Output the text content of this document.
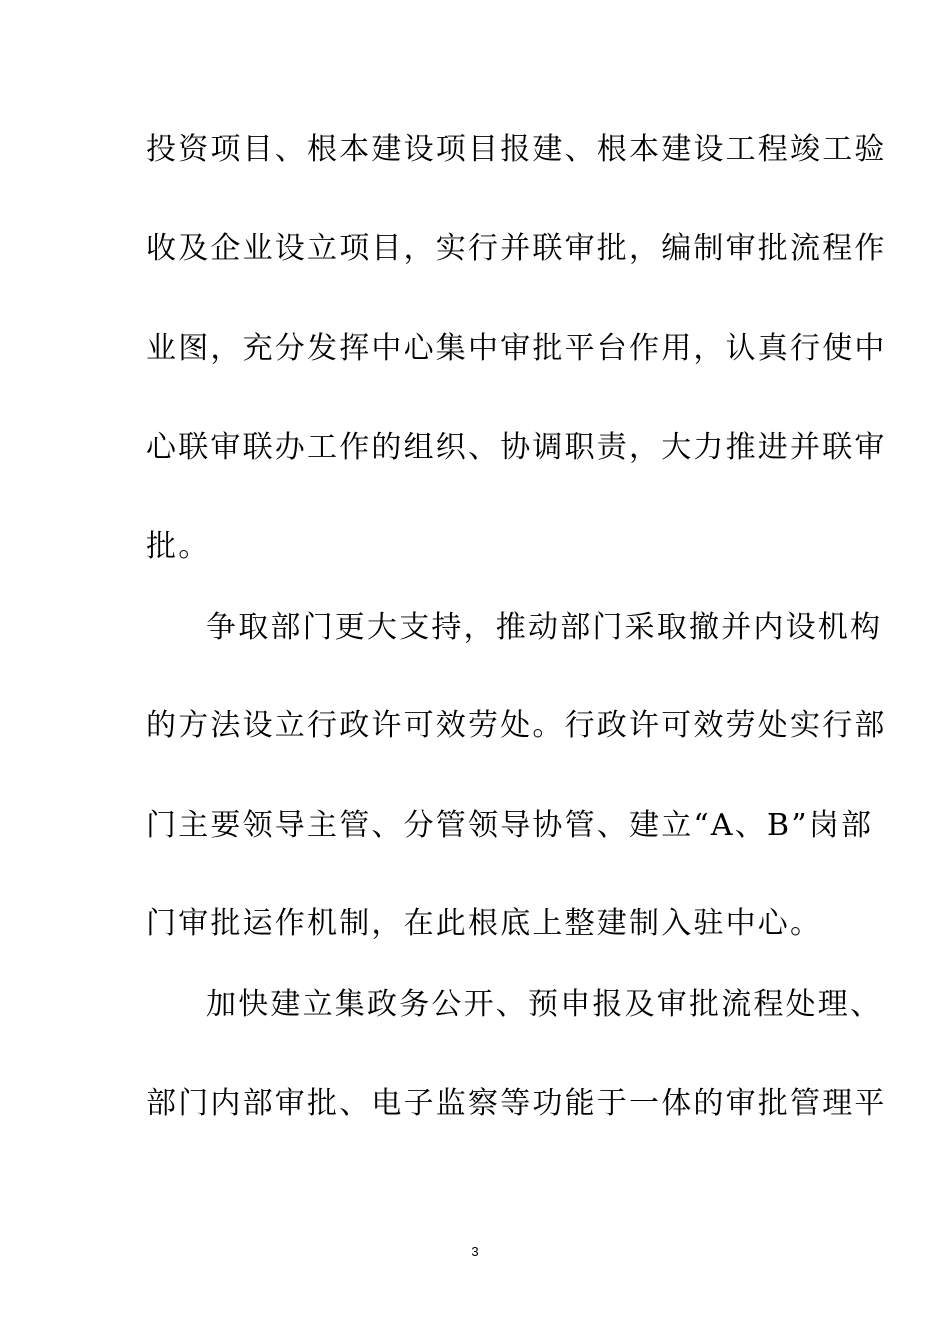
投资项目、根本建设项目报建、根本建设工程竣工验
收及企业设立项目，实行并联审批，编制审批流程作
业图，充分发挥中心集中审批平台作用，认真行使中
心联审联办工作的组织、协调职责，大力推进并联审
批。
争取部门更大支持，推动部门采取撤并内设机构
的方法设立行政许可效劳处。行政许可效劳处实行部
门主要领导主管、分管领导协管、建立“A、B”岗部
门审批运作机制，在此根底上整建制入驻中心。
加快建立集政务公开、预申报及审批流程处理、
部门内部审批、电子监察等功能于一体的审批管理平
3
